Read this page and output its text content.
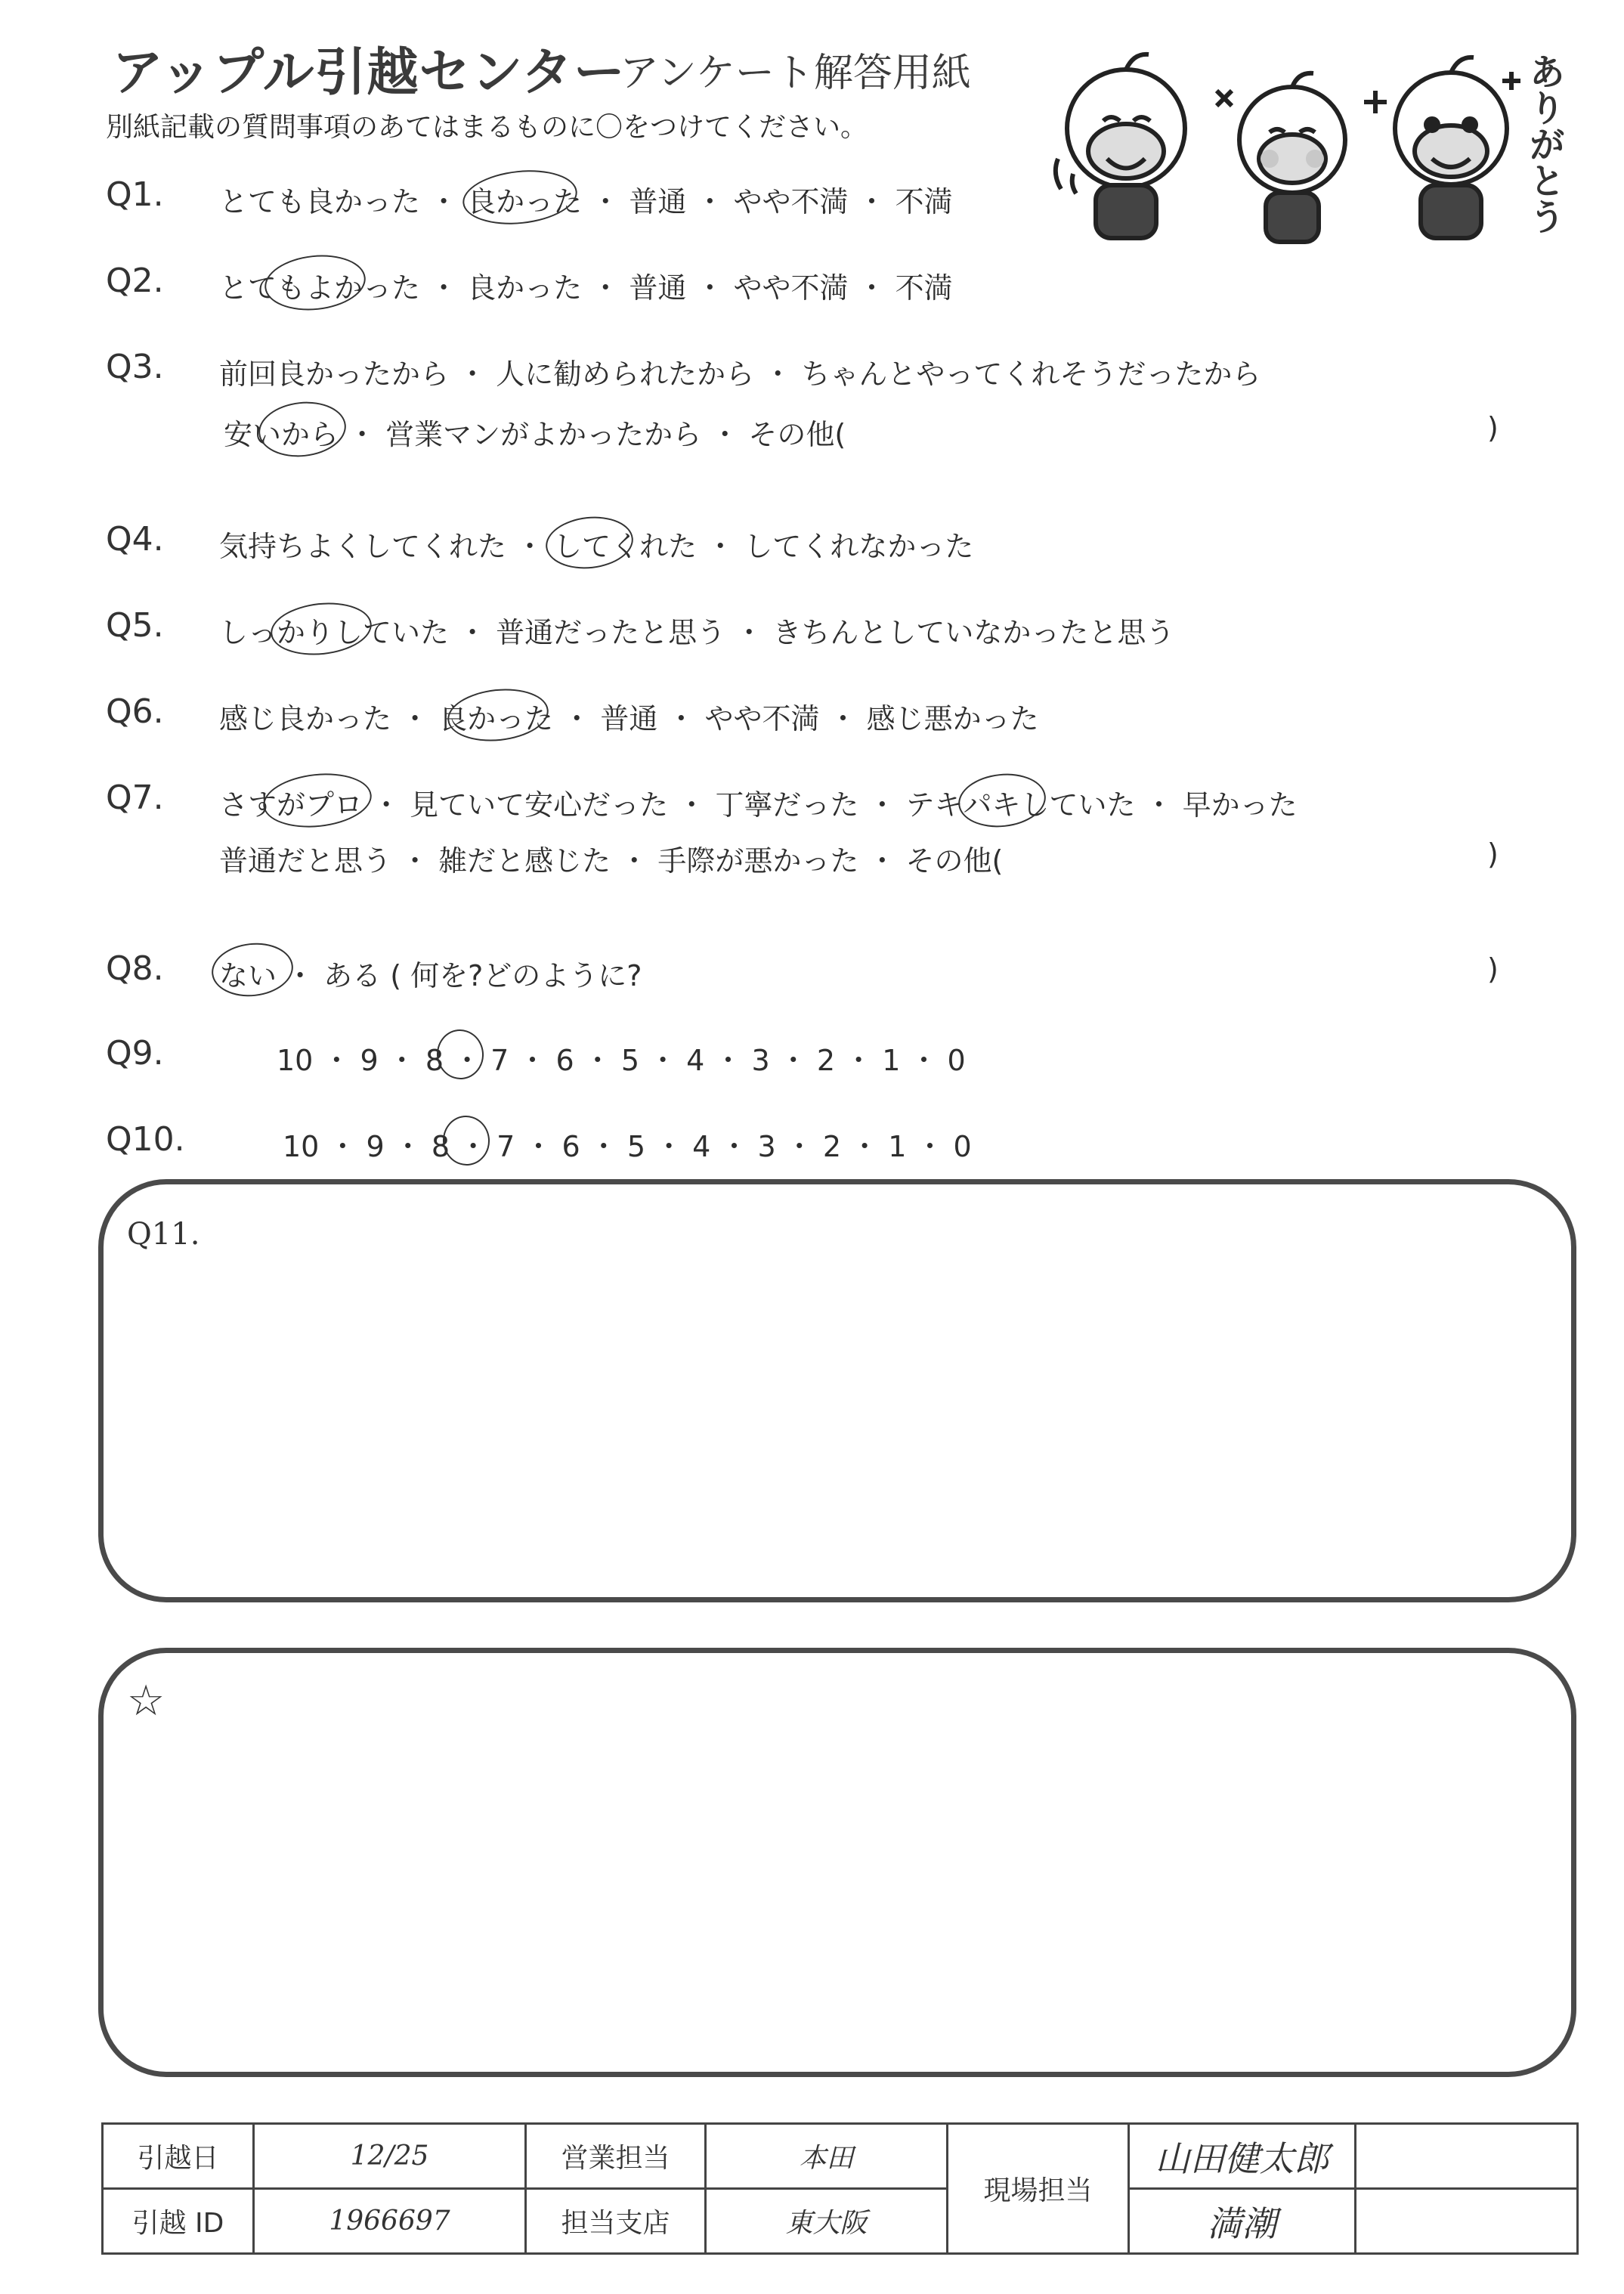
アップル引越センター
アンケート解答用紙
別紙記載の質問事項のあてはまるものに〇をつけてください。	ありがとう
Q1. とても良かった ・ 良かった ・ 普通 ・ やや不満 ・ 不満
Q2. とてもよかった ・ 良かった ・ 普通 ・ やや不満 ・ 不満
Q3. 前回良かったから ・ 人に勧められたから ・ ちゃんとやってくれそうだったから
安いから ・ 営業マンがよかったから ・ その他(	)
Q4. 気持ちよくしてくれた ・ してくれた ・ してくれなかった
Q5. しっかりしていた ・ 普通だったと思う ・ きちんとしていなかったと思う
Q6. 感じ良かった ・ 良かった ・ 普通 ・ やや不満 ・ 感じ悪かった
Q7. さすがプロ ・ 見ていて安心だった ・ 丁寧だった ・ テキパキしていた ・ 早かった
普通だと思う ・ 雑だと感じた ・ 手際が悪かった ・ その他(	)
Q8. ない ・ ある ( 何を?どのように?	)
Q9.	10 ・ 9 ・ 8 ・ 7 ・ 6 ・ 5 ・ 4 ・ 3 ・ 2 ・ 1 ・ 0
Q10.	10 ・ 9 ・ 8 ・ 7 ・ 6 ・ 5 ・ 4 ・ 3 ・ 2 ・ 1 ・ 0
Q11.
☆
引越日	12/25	営業担当	本田	現場担当	山田健太郎	
引越 ID	1966697	担当支店	東大阪		満潮	
